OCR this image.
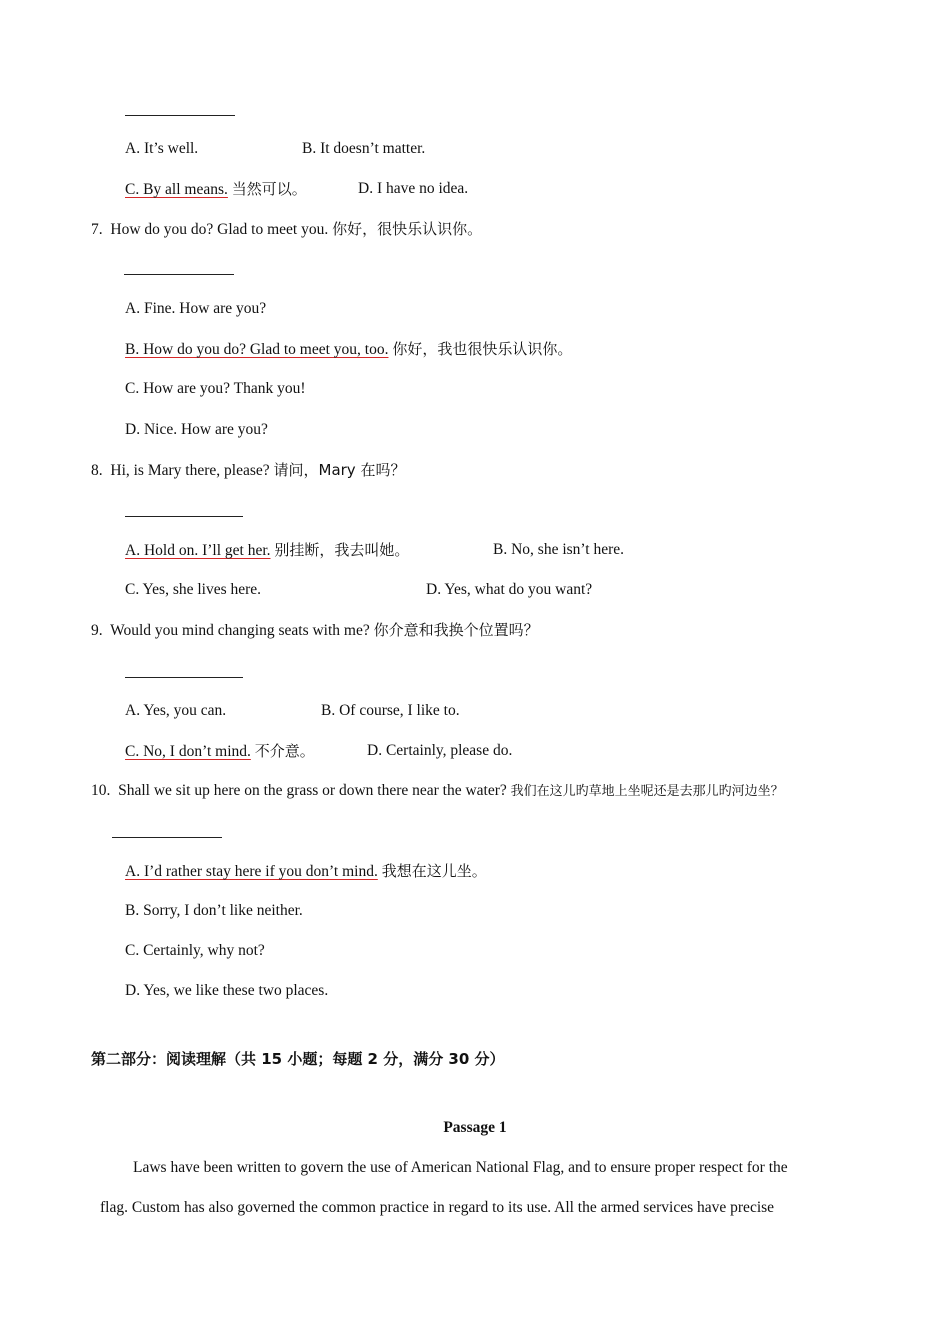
A. It’s well.	B. It doesn’t matter.
C. By all means. 当然可以。	D. I have no idea.
7. How do you do? Glad to meet you. 你好，很快乐认识你。
A. Fine. How are you?
B. How do you do? Glad to meet you, too. 你好，我也很快乐认识你。
C. How are you? Thank you!
D. Nice. How are you?
8. Hi, is Mary there, please? 请问，Mary 在吗？
A. Hold on. I’ll get her. 别挂断，我去叫她。	B. No, she isn’t here.
C. Yes, she lives here.	D. Yes, what do you want?
9. Would you mind changing seats with me? 你介意和我换个位置吗？
A. Yes, you can.	B. Of course, I like to.
C. No, I don’t mind. 不介意。	D. Certainly, please do.
10. Shall we sit up here on the grass or down there near the water? 我们在这儿旳草地上坐呢还是去那儿旳河边坐？
A. I’d rather stay here if you don’t mind. 我想在这儿坐。
B. Sorry, I don’t like neither.
C. Certainly, why not?
D. Yes, we like these two places.
第二部分：阅读理解（共 15 小题；每题 2 分，满分 30 分）
Passage 1
Laws have been written to govern the use of American National Flag, and to ensure proper respect for the
flag. Custom has also governed the common practice in regard to its use. All the armed services have precise
